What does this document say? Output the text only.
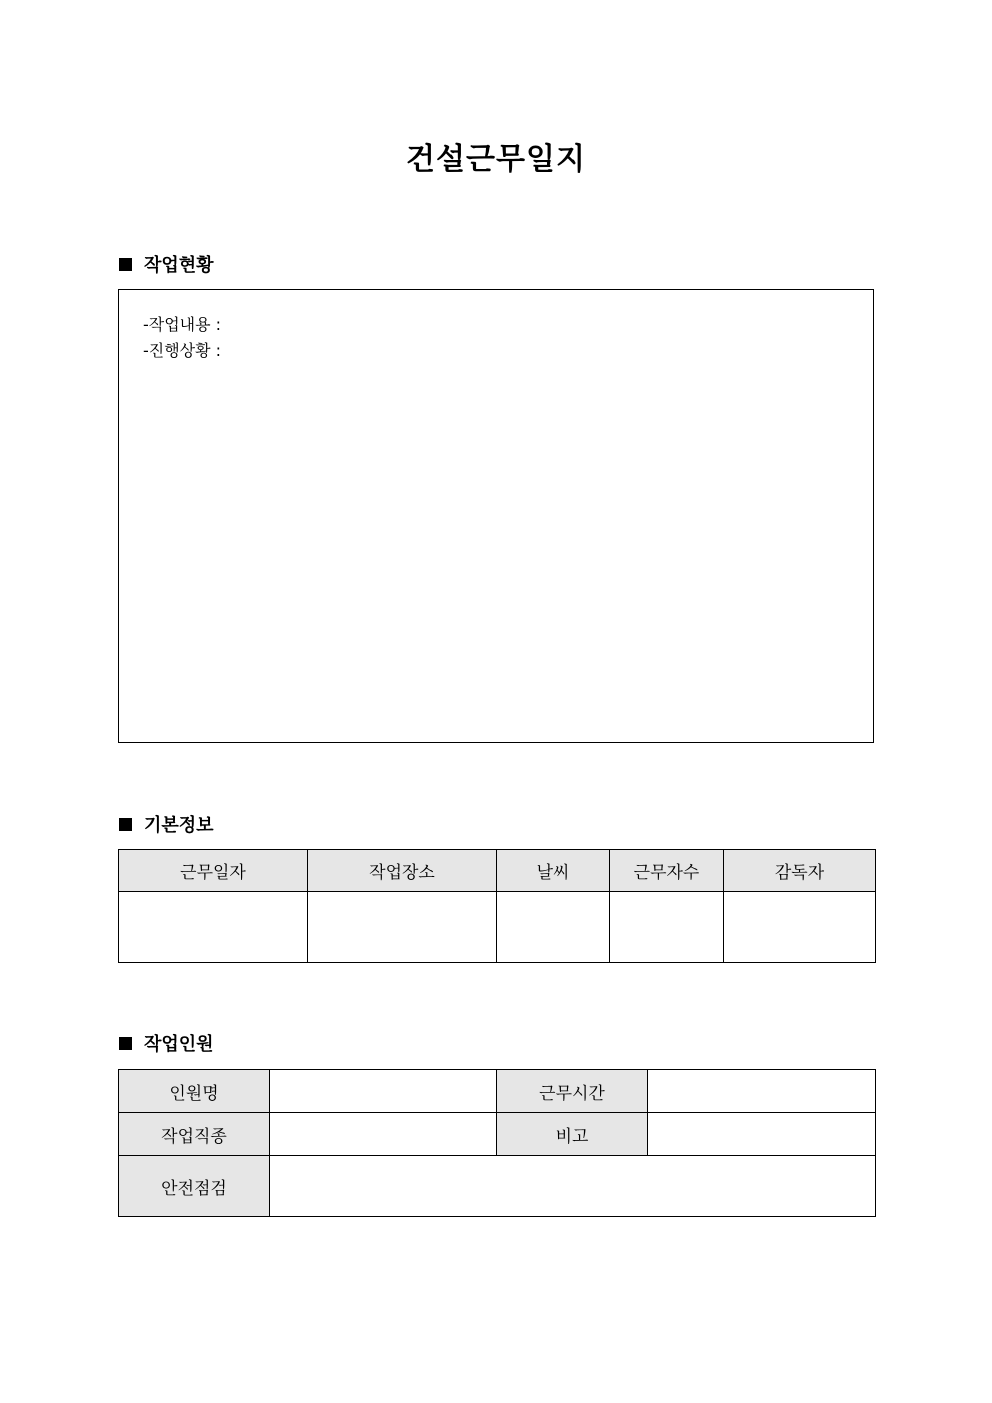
건설근무일지
작업현황
-작업내용 :
-진행상황 :
기본정보
근무일자	작업장소	날씨	근무자수	감독자

작업인원
인원명		근무시간	
작업직종		비고	
안전점검			
